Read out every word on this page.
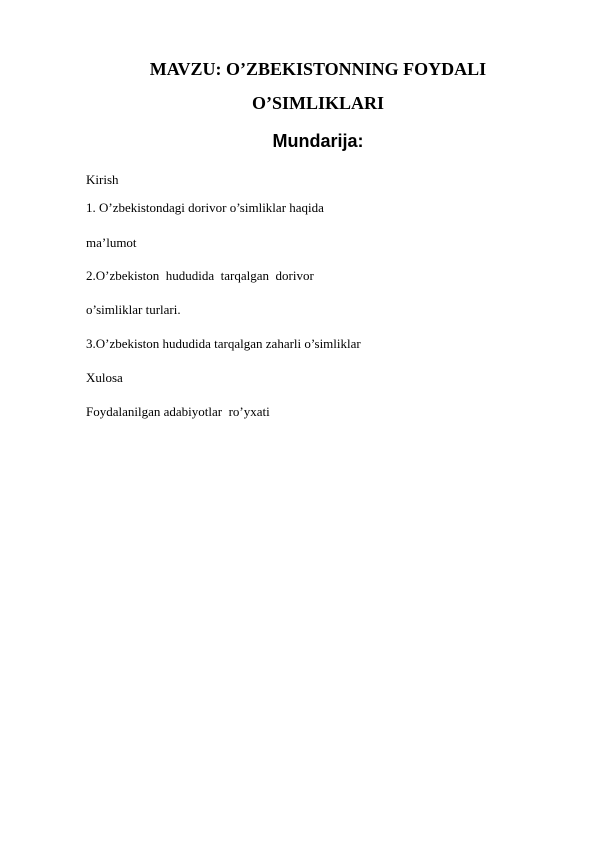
MAVZU: O’ZBEKISTONNING FOYDALI
O’SIMLIKLARI
Mundarija:
Kirish
1. O’zbekistondagi dorivor o’simliklar haqida
ma’lumot
2.O’zbekiston  hududida  tarqalgan  dorivor
o’simliklar turlari.
3.O’zbekiston hududida tarqalgan zaharli o’simliklar
Xulosa
Foydalanilgan adabiyotlar  ro’yxati
